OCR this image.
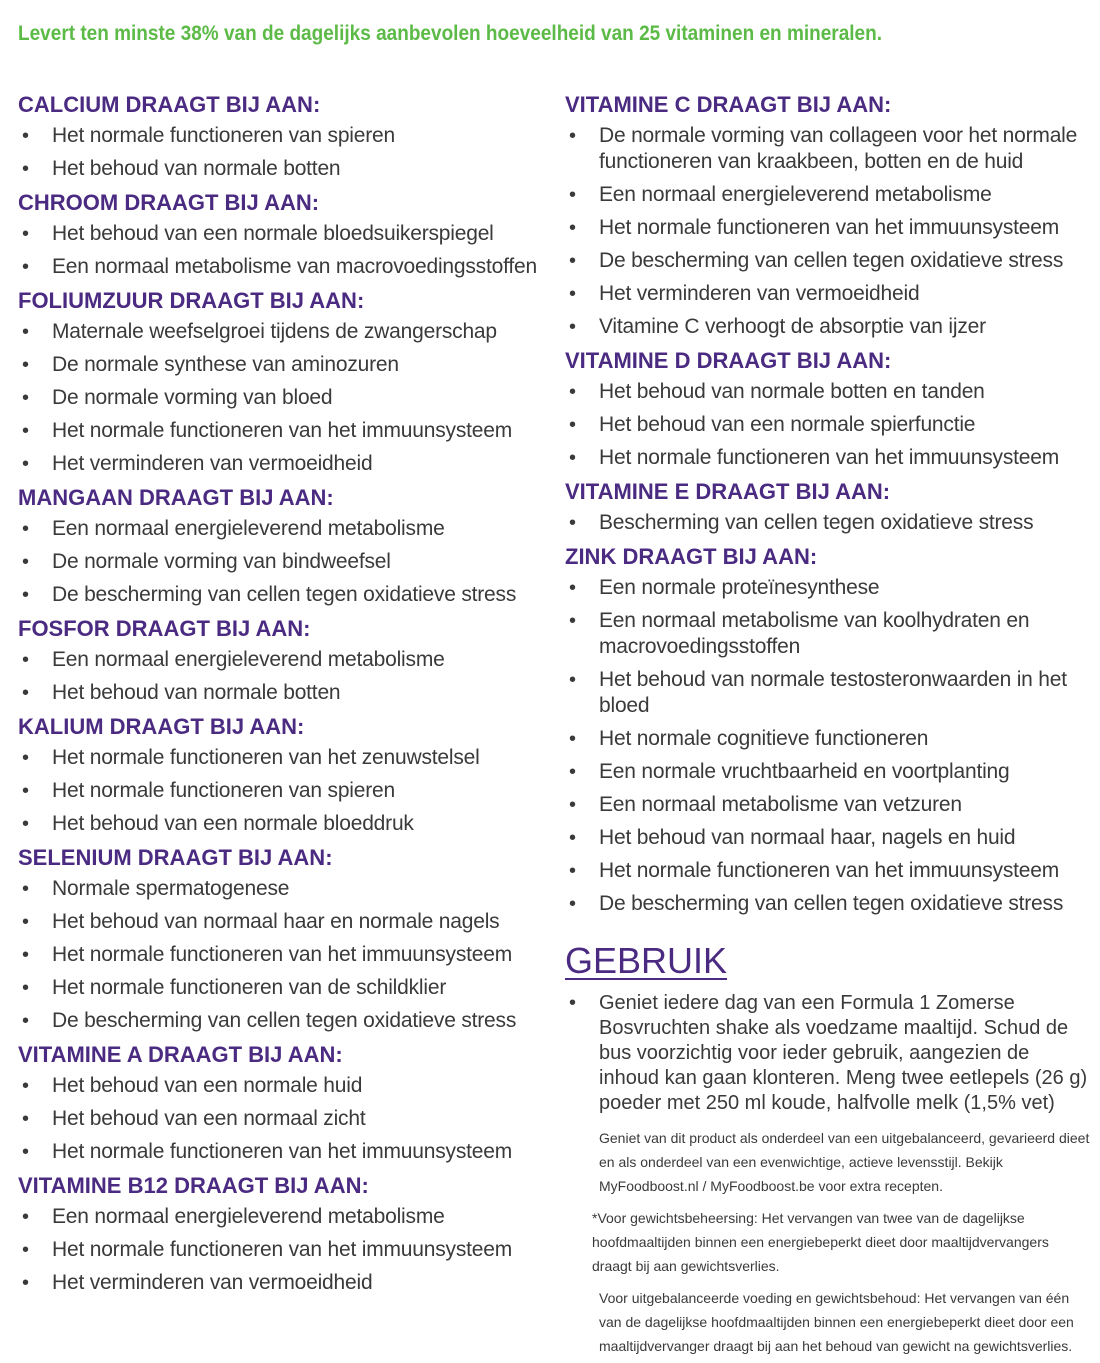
Levert ten minste 38% van de dagelijks aanbevolen hoeveelheid van 25 vitaminen en mineralen.
CALCIUM DRAAGT BIJ AAN:
• Het normale functioneren van spieren
• Het behoud van normale botten
CHROOM DRAAGT BIJ AAN:
• Het behoud van een normale bloedsuikerspiegel
• Een normaal metabolisme van macrovoedingsstoffen
FOLIUMZUUR DRAAGT BIJ AAN:
• Maternale weefselgroei tijdens de zwangerschap
• De normale synthese van aminozuren
• De normale vorming van bloed
• Het normale functioneren van het immuunsysteem
• Het verminderen van vermoeidheid
MANGAAN DRAAGT BIJ AAN:
• Een normaal energieleverend metabolisme
• De normale vorming van bindweefsel
• De bescherming van cellen tegen oxidatieve stress
FOSFOR DRAAGT BIJ AAN:
• Een normaal energieleverend metabolisme
• Het behoud van normale botten
KALIUM DRAAGT BIJ AAN:
• Het normale functioneren van het zenuwstelsel
• Het normale functioneren van spieren
• Het behoud van een normale bloeddruk
SELENIUM DRAAGT BIJ AAN:
• Normale spermatogenese
• Het behoud van normaal haar en normale nagels
• Het normale functioneren van het immuunsysteem
• Het normale functioneren van de schildklier
• De bescherming van cellen tegen oxidatieve stress
VITAMINE A DRAAGT BIJ AAN:
• Het behoud van een normale huid
• Het behoud van een normaal zicht
• Het normale functioneren van het immuunsysteem
VITAMINE B12 DRAAGT BIJ AAN:
• Een normaal energieleverend metabolisme
• Het normale functioneren van het immuunsysteem
• Het verminderen van vermoeidheid
VITAMINE C DRAAGT BIJ AAN:
• De normale vorming van collageen voor het normale functioneren van kraakbeen, botten en de huid
• Een normaal energieleverend metabolisme
• Het normale functioneren van het immuunsysteem
• De bescherming van cellen tegen oxidatieve stress
• Het verminderen van vermoeidheid
• Vitamine C verhoogt de absorptie van ijzer
VITAMINE D DRAAGT BIJ AAN:
• Het behoud van normale botten en tanden
• Het behoud van een normale spierfunctie
• Het normale functioneren van het immuunsysteem
VITAMINE E DRAAGT BIJ AAN:
• Bescherming van cellen tegen oxidatieve stress
ZINK DRAAGT BIJ AAN:
• Een normale proteïnesynthese
• Een normaal metabolisme van koolhydraten en macrovoedingsstoffen
• Het behoud van normale testosteronwaarden in het bloed
• Het normale cognitieve functioneren
• Een normale vruchtbaarheid en voortplanting
• Een normaal metabolisme van vetzuren
• Het behoud van normaal haar, nagels en huid
• Het normale functioneren van het immuunsysteem
• De bescherming van cellen tegen oxidatieve stress
GEBRUIK
• Geniet iedere dag van een Formula 1 Zomerse Bosvruchten shake als voedzame maaltijd. Schud de bus voorzichtig voor ieder gebruik, aangezien de inhoud kan gaan klonteren. Meng twee eetlepels (26 g) poeder met 250 ml koude, halfvolle melk (1,5% vet)
Geniet van dit product als onderdeel van een uitgebalanceerd, gevarieerd dieet en als onderdeel van een evenwichtige, actieve levensstijl. Bekijk MyFoodboost.nl / MyFoodboost.be voor extra recepten.
*Voor gewichtsbeheersing: Het vervangen van twee van de dagelijkse hoofdmaaltijden binnen een energiebeperkt dieet door maaltijdvervangers draagt bij aan gewichtsverlies.
Voor uitgebalanceerde voeding en gewichtsbehoud: Het vervangen van één van de dagelijkse hoofdmaaltijden binnen een energiebeperkt dieet door een maaltijdvervanger draagt bij aan het behoud van gewicht na gewichtsverlies.
